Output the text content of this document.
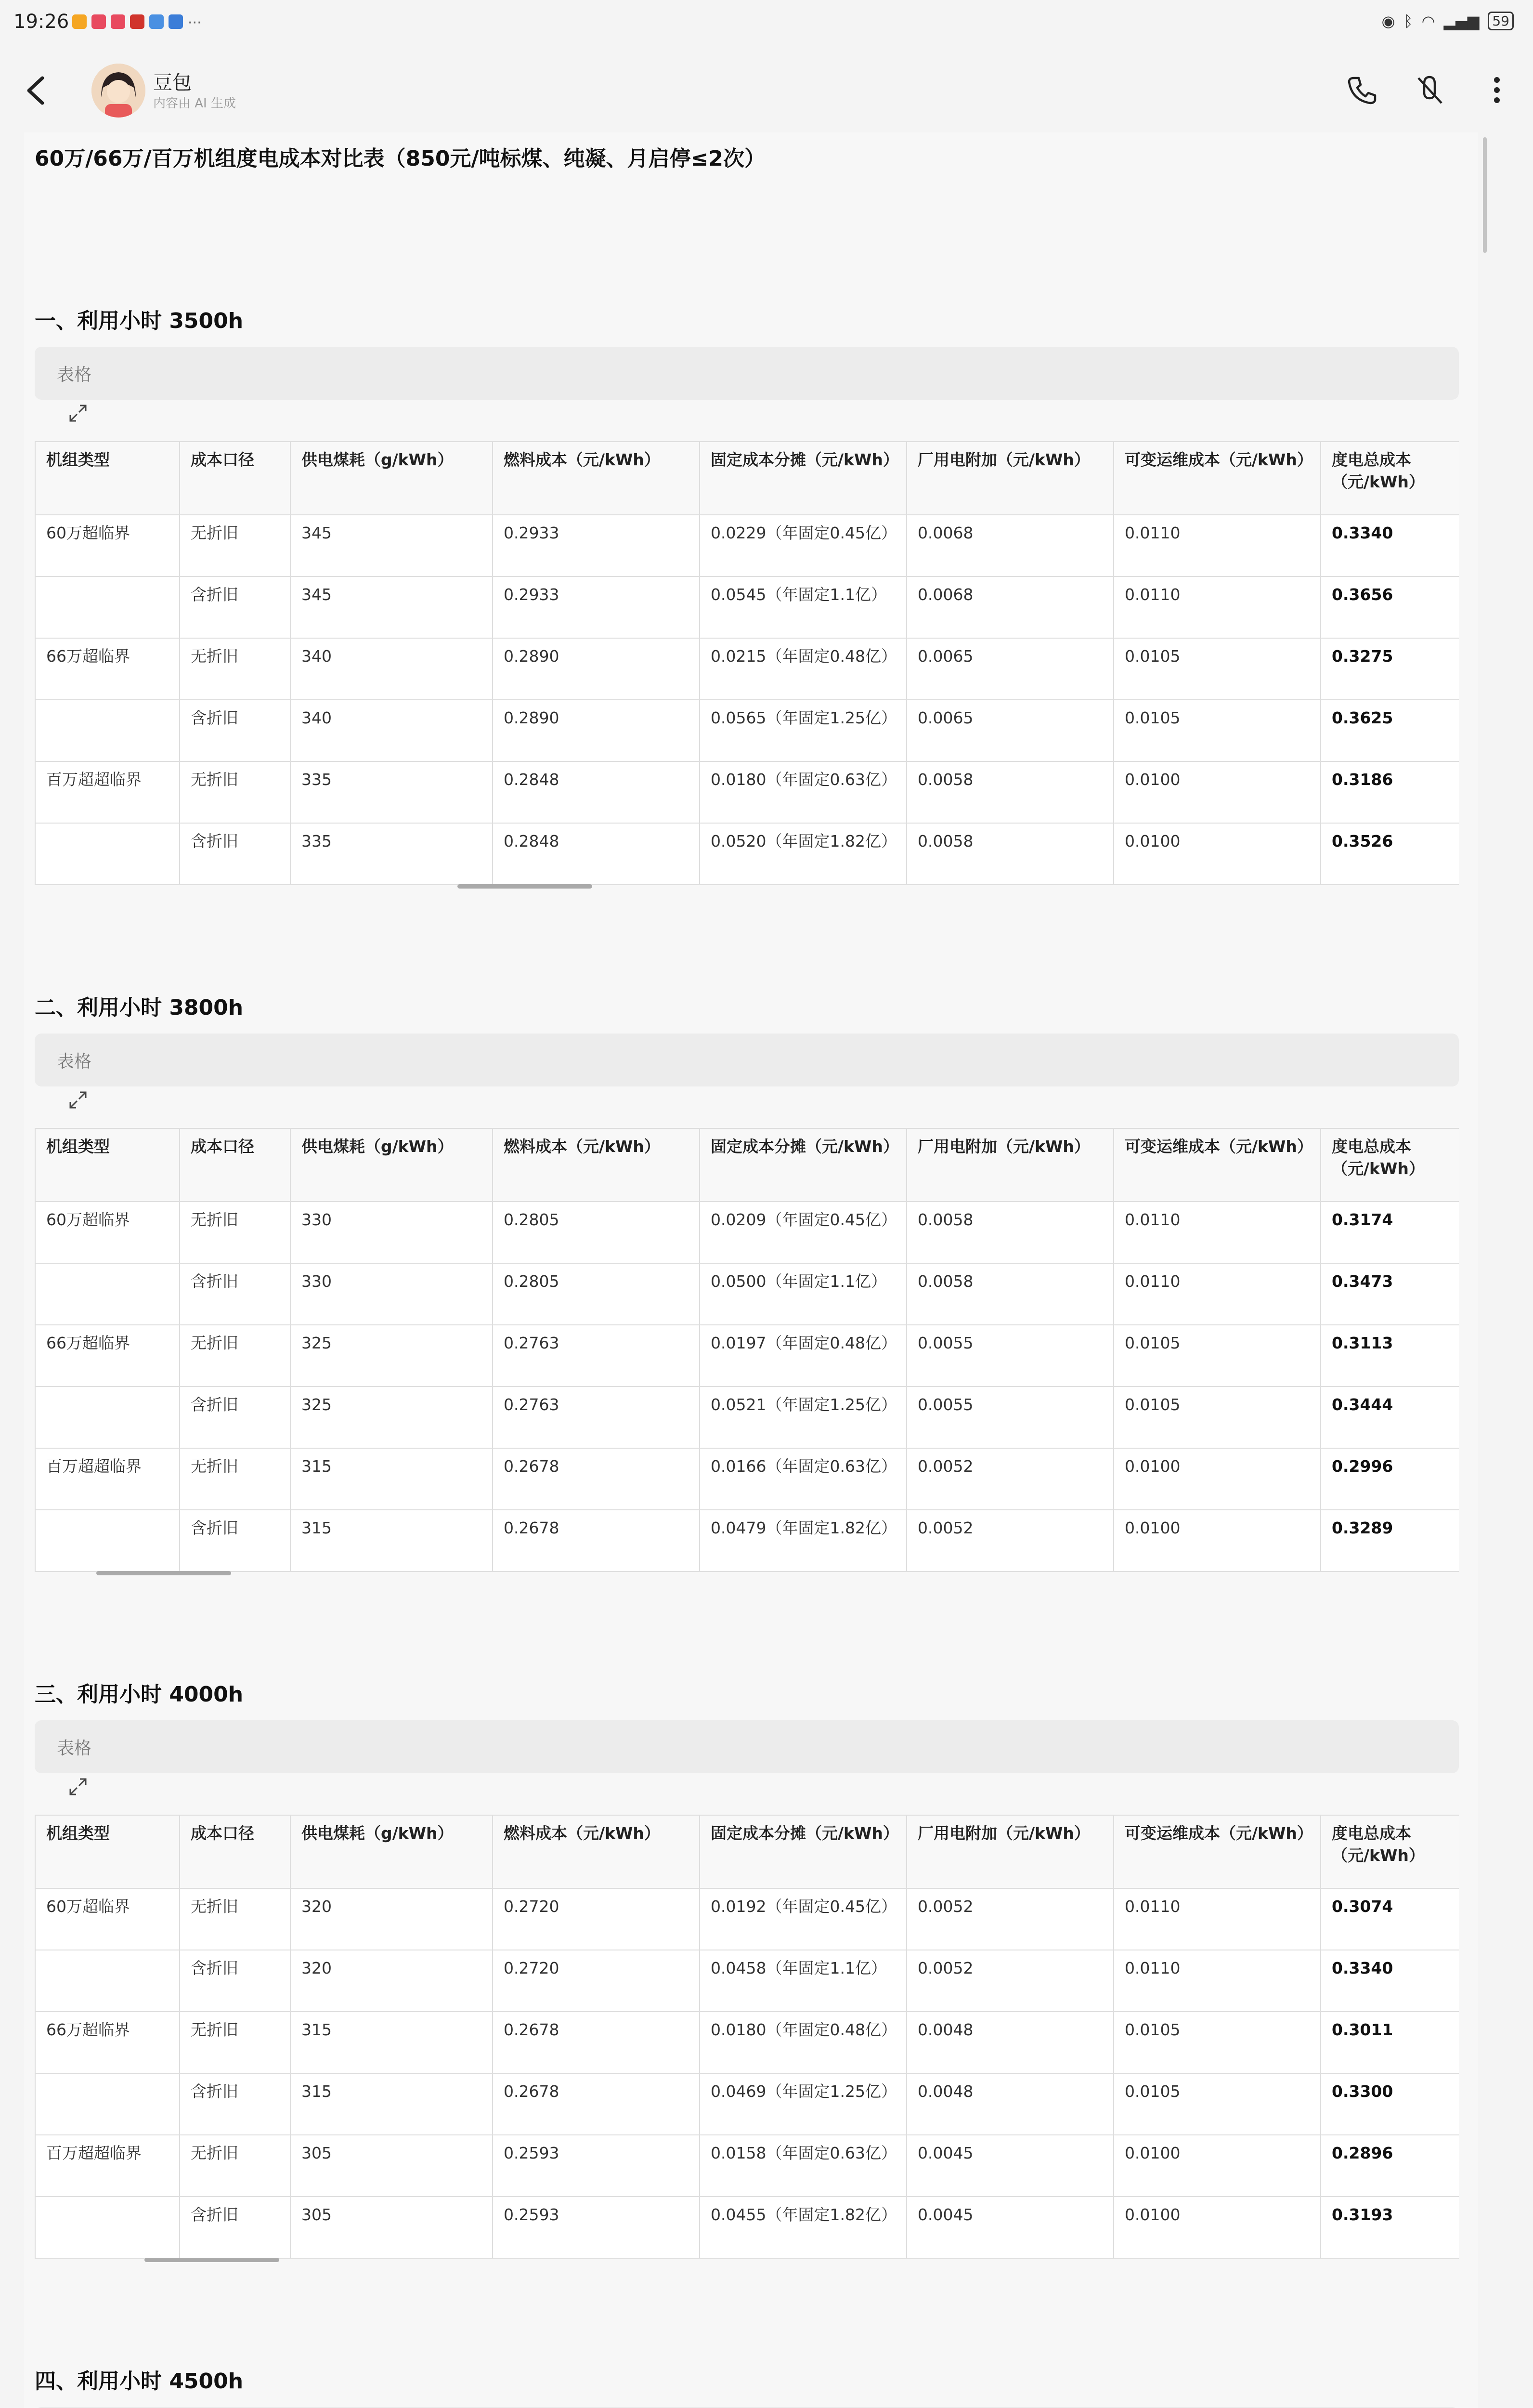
19:26	···	◉ ᛒ ◠ ▂▄▆ 59
豆包
内容由 AI 生成
60万/66万/百万机组度电成本对比表（850元/吨标煤、纯凝、月启停≤2次）
一、利用小时 3500h
表格
机组类型	成本口径	供电煤耗（g/kWh）	燃料成本（元/kWh）	固定成本分摊（元/kWh）	厂用电附加（元/kWh）	可变运维成本（元/kWh）	度电总成本（元/kWh）
60万超临界	无折旧	345	0.2933	0.0229（年固定0.45亿）	0.0068	0.0110	0.3340
	含折旧	345	0.2933	0.0545（年固定1.1亿）	0.0068	0.0110	0.3656
66万超临界	无折旧	340	0.2890	0.0215（年固定0.48亿）	0.0065	0.0105	0.3275
	含折旧	340	0.2890	0.0565（年固定1.25亿）	0.0065	0.0105	0.3625
百万超超临界	无折旧	335	0.2848	0.0180（年固定0.63亿）	0.0058	0.0100	0.3186
	含折旧	335	0.2848	0.0520（年固定1.82亿）	0.0058	0.0100	0.3526
二、利用小时 3800h
表格
机组类型	成本口径	供电煤耗（g/kWh）	燃料成本（元/kWh）	固定成本分摊（元/kWh）	厂用电附加（元/kWh）	可变运维成本（元/kWh）	度电总成本（元/kWh）
60万超临界	无折旧	330	0.2805	0.0209（年固定0.45亿）	0.0058	0.0110	0.3174
	含折旧	330	0.2805	0.0500（年固定1.1亿）	0.0058	0.0110	0.3473
66万超临界	无折旧	325	0.2763	0.0197（年固定0.48亿）	0.0055	0.0105	0.3113
	含折旧	325	0.2763	0.0521（年固定1.25亿）	0.0055	0.0105	0.3444
百万超超临界	无折旧	315	0.2678	0.0166（年固定0.63亿）	0.0052	0.0100	0.2996
	含折旧	315	0.2678	0.0479（年固定1.82亿）	0.0052	0.0100	0.3289
三、利用小时 4000h
表格
机组类型	成本口径	供电煤耗（g/kWh）	燃料成本（元/kWh）	固定成本分摊（元/kWh）	厂用电附加（元/kWh）	可变运维成本（元/kWh）	度电总成本（元/kWh）
60万超临界	无折旧	320	0.2720	0.0192（年固定0.45亿）	0.0052	0.0110	0.3074
	含折旧	320	0.2720	0.0458（年固定1.1亿）	0.0052	0.0110	0.3340
66万超临界	无折旧	315	0.2678	0.0180（年固定0.48亿）	0.0048	0.0105	0.3011
	含折旧	315	0.2678	0.0469（年固定1.25亿）	0.0048	0.0105	0.3300
百万超超临界	无折旧	305	0.2593	0.0158（年固定0.63亿）	0.0045	0.0100	0.2896
	含折旧	305	0.2593	0.0455（年固定1.82亿）	0.0045	0.0100	0.3193
四、利用小时 4500h
